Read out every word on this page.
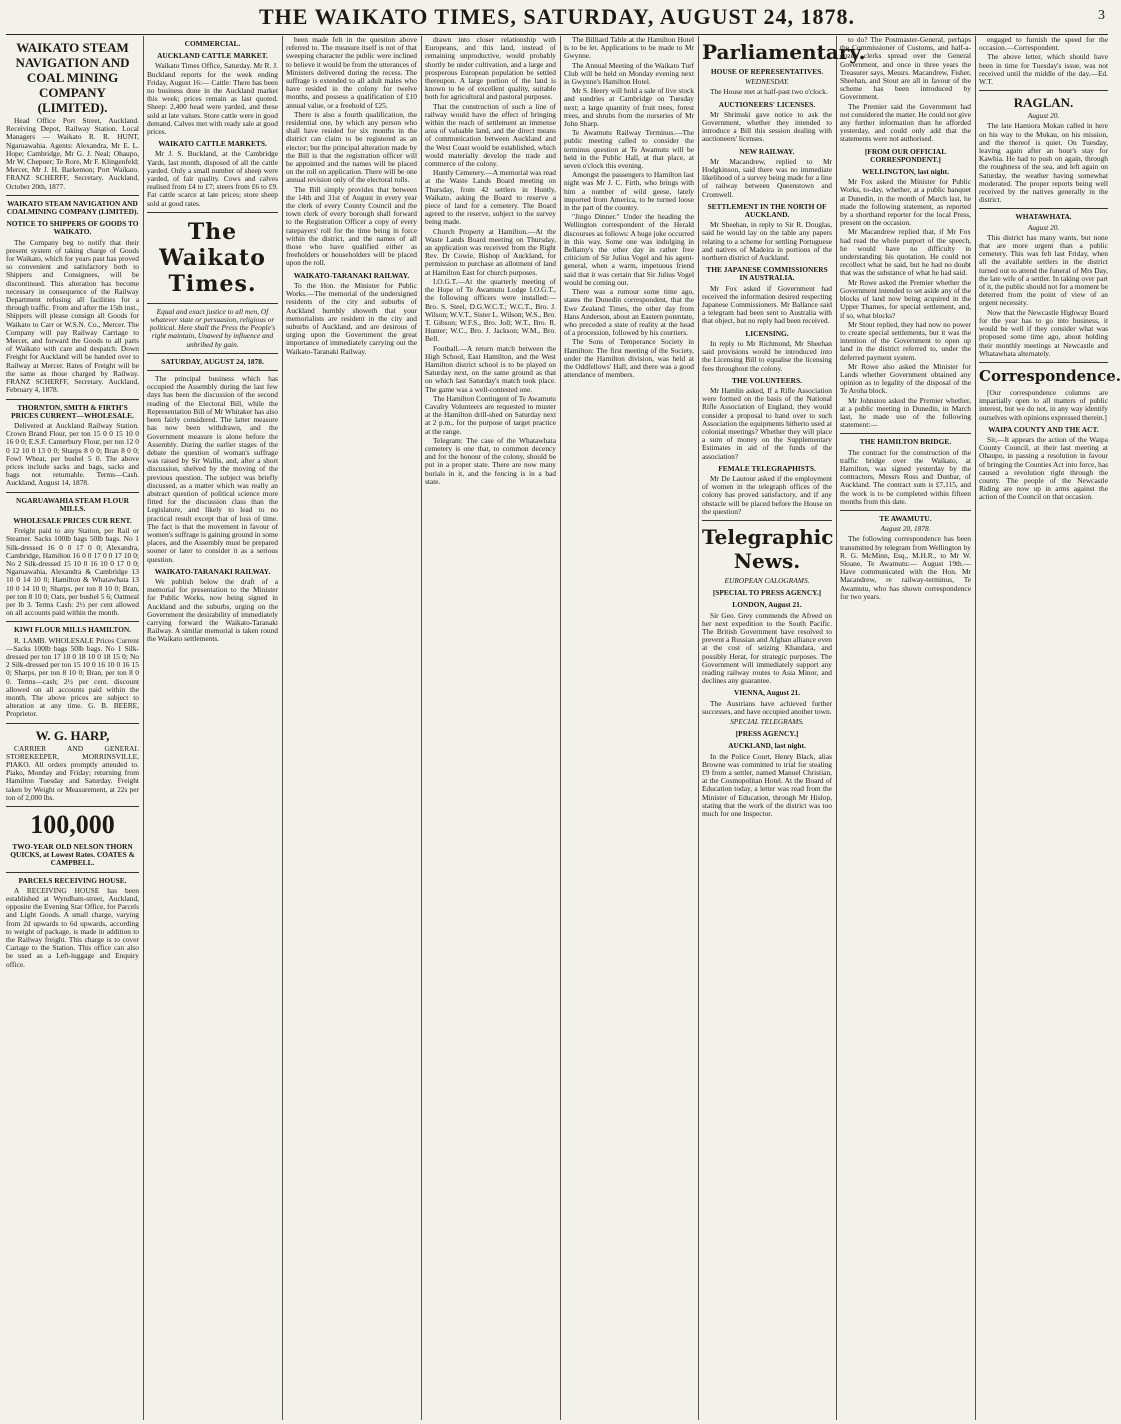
THE WAIKATO TIMES, SATURDAY, AUGUST 24, 1878.	3
WAIKATO STEAM NAVIGATION AND COAL MINING COMPANY (LIMITED).
Head Office Port Street, Auckland. Receiving Depot, Railway Station. Local Managers — Waikato R. R. HUNT, Ngaruawahia. Agents: Alexandra, Mr E. L. Hope; Cambridge, Mr G. J. Neal; Ohaupo, Mr W. Chepoer; Te Rore, Mr F. Klingenfeld; Mercer, Mr J. H. Barkemon; Port Waikato. FRANZ SCHERFF, Secretary. Auckland, October 20th, 1877.
WAIKATO STEAM NAVIGATION AND COALMINING COMPANY (LIMITED).
NOTICE TO SHIPPERS OF GOODS TO WAIKATO.
The Company beg to notify that their present system of taking charge of Goods for Waikato, which for years past has proved so convenient and satisfactory both to Shippers and Consignees, will be discontinued. This alteration has become necessary in consequence of the Railway Department refusing all facilities for a through traffic. From and after the 15th inst., Shippers will please consign all Goods for Waikato to Carr or W.S.N. Co., Mercer. The Company will pay Railway Carriage to Mercer, and forward the Goods to all parts of Waikato with care and despatch. Down Freight for Auckland will be handed over to Railway at Mercer. Rates of Freight will be the same as those charged by Railway. FRANZ SCHERFF, Secretary. Auckland, February 4, 1878.
THORNTON, SMITH & FIRTH'S PRICES CURRENT—WHOLESALE.
Delivered at Auckland Railway Station. Crown Brand Flour, per ton 15 0 0 15 10 0 16 0 0; E.S.F. Canterbury Flour, per ton 12 0 0 12 10 0 13 0 0; Sharps 8 0 0; Bran 8 0 0; Fowl Wheat, per bushel 5 0. The above prices include sacks and bags, sacks and bags not returnable. Terms—Cash. Auckland, August 14, 1878.
NGARUAWAHIA STEAM FLOUR MILLS.
WHOLESALE PRICES CUR RENT.
Freight paid to any Station, per Rail or Steamer. Sacks 100lb bags 50lb bags. No 1 Silk-dressed 16 0 0 17 0 0; Alexandra, Cambridge, Hamilton 16 0 0 17 0 0 17 10 0; No 2 Silk-dressed 15 10 0 16 10 0 17 0 0; Ngaruawahia, Alexandra & Cambridge 13 10 0 14 10 0; Hamilton & Whatawhata 13 10 0 14 10 0; Sharps, per ton 8 10 0; Bran, per ton 8 10 0; Oats, per bushel 5 6; Oatmeal per lb 3. Terms Cash: 2½ per cent allowed on all accounts paid within the month.
KIWI FLOUR MILLS HAMILTON.
R. LAMB. WHOLESALE Prices Current—Sacks 100lb bags 50lb bags. No 1 Silk-dressed per ton 17 10 0 18 10 0 18 15 0; No 2 Silk-dressed per ton 15 10 0 16 10 0 16 15 0; Sharps, per ton 8 10 0; Bran, per ton 8 0 0. Terms—cash; 2½ per cent. discount allowed on all accounts paid within the month. The above prices are subject to alteration at any time. G. B. BEERE, Proprietor.
W. G. HARP,
CARRIER AND GENERAL STOREKEEPER, MORRINSVILLE, PIAKO. All orders promptly attended to. Piako, Monday and Friday; returning from Hamilton Tuesday and Saturday. Freight taken by Weight or Measurement, at 22s per ton of 2,000 lbs.
100,000
TWO-YEAR OLD NELSON THORN QUICKS, at Lowest Rates. COATES & CAMPBELL.
PARCELS RECEIVING HOUSE.
A RECEIVING HOUSE has been established at Wyndham-street, Auckland, opposite the Evening Star Office, for Parcels and Light Goods. A small charge, varying from 2d upwards to 6d upwards, according to weight of package, is made in addition to the Railway freight. This charge is to cover Cartage to the Station. This office can also be used as a Left-luggage and Enquiry office.
COMMERCIAL.
AUCKLAND CATTLE MARKET.
Waikato Times Office, Saturday. Mr R. J. Buckland reports for the week ending Friday, August 16:— Cattle: There has been no business done in the Auckland market this week; prices remain as last quoted. Sheep: 2,400 head were yarded, and these sold at late values. Store cattle were in good demand. Calves met with ready sale at good prices.
WAIKATO CATTLE MARKETS.
Mr J. S. Buckland, at the Cambridge Yards, last month, disposed of all the cattle yarded. Only a small number of sheep were yarded, of fair quality. Cows and calves realised from £4 to £7; steers from £6 to £9. Fat cattle scarce at late prices; store sheep sold at good rates.
The Waikato Times.
Equal and exact justice to all men, Of whatever state or persuasion, religious or political. Here shall the Press the People's right maintain, Unawed by influence and unbribed by gain.
SATURDAY, AUGUST 24, 1878.
The principal business which has occupied the Assembly during the last few days has been the discussion of the second reading of the Electoral Bill, while the Representation Bill of Mr Whitaker has also been fairly considered. The latter measure has now been withdrawn, and the Government measure is alone before the Assembly. During the earlier stages of the debate the question of woman's suffrage was raised by Sir Wallis, and, after a short discussion, shelved by the moving of the previous question. The subject was briefly discussed, as a matter which was really an abstract question of political science more fitted for the discussion class than the Legislature, and likely to lead to no practical result except that of loss of time. The fact is that the movement in favour of women's suffrage is gaining ground in some places, and the Assembly must be prepared sooner or later to consider it as a serious question.
WAIKATO-TARANAKI RAILWAY.
We publish below the draft of a memorial for presentation to the Minister for Public Works, now being signed in Auckland and the suburbs, urging on the Government the desirability of immediately carrying forward the Waikato-Taranaki Railway. A similar memorial is taken round the Waikato settlements.
been made felt in the question above referred to. The measure itself is not of that sweeping character the public were inclined to believe it would be from the utterances of Ministers delivered during the recess. The suffrage is extended to all adult males who have resided in the colony for twelve months, and possess a qualification of £10 annual value, or a freehold of £25.
There is also a fourth qualification, the residential one, by which any person who shall have resided for six months in the district can claim to be registered as an elector; but the principal alteration made by the Bill is that the registration officer will be appointed and the names will be placed on the roll on application. There will be one annual revision only of the electoral rolls.
The Bill simply provides that between the 14th and 31st of August in every year the clerk of every County Council and the town clerk of every borough shall forward to the Registration Officer a copy of every ratepayers' roll for the time being in force within the district, and the names of all those who have qualified either as freeholders or householders will be placed upon the roll.
WAIKATO-TARANAKI RAILWAY.
To the Hon. the Minister for Public Works.—The memorial of the undersigned residents of the city and suburbs of Auckland humbly showeth that your memorialists are resident in the city and suburbs of Auckland, and are desirous of urging upon the Government the great importance of immediately carrying out the Waikato-Taranaki Railway.
drawn into closer relationship with Europeans, and this land, instead of remaining unproductive, would probably shortly be under cultivation, and a large and prosperous European population be settled thereupon. A large portion of the land is known to be of excellent quality, suitable both for agricultural and pastoral purposes.
That the construction of such a line of railway would have the effect of bringing within the reach of settlement an immense area of valuable land, and the direct means of communication between Auckland and the West Coast would be established, which would materially develop the trade and commerce of the colony.
Huntly Cemetery.—A memorial was read at the Waste Lands Board meeting on Thursday, from 42 settlers in Huntly, Waikato, asking the Board to reserve a piece of land for a cemetery. The Board agreed to the reserve, subject to the survey being made.
Church Property at Hamilton.—At the Waste Lands Board meeting on Thursday, an application was received from the Right Rev. Dr Cowie, Bishop of Auckland, for permission to purchase an allotment of land at Hamilton East for church purposes.
I.O.G.T.—At the quarterly meeting of the Hope of Te Awamutu Lodge I.O.G.T., the following officers were installed:— Bro. S. Steel, D.G.W.C.T.; W.C.T., Bro. J. Wilson; W.V.T., Sister L. Wilson; W.S., Bro. T. Gibson; W.F.S., Bro. Joll; W.T., Bro. R. Hunter; W.C., Bro. J. Jackson; W.M., Bro. Bell.
Football.—A return match between the High School, East Hamilton, and the West Hamilton district school is to be played on Saturday next, on the same ground as that on which last Saturday's match took place. The game was a well-contested one.
The Hamilton Contingent of Te Awamutu Cavalry Volunteers are requested to muster at the Hamilton drill-shed on Saturday next at 2 p.m., for the purpose of target practice at the range.
Telegram: The case of the Whatawhata cemetery is one that, to common decency and for the honour of the colony, should be put in a proper state. There are now many burials in it, and the fencing is in a bad state.
The Billiard Table at the Hamilton Hotel is to be let. Applications to be made to Mr Gwynne.
The Annual Meeting of the Waikato Turf Club will be held on Monday evening next in Gwynne's Hamilton Hotel.
Mr S. Heery will hold a sale of live stock and sundries at Cambridge on Tuesday next; a large quantity of fruit trees, forest trees, and shrubs from the nurseries of Mr John Sharp.
Te Awamutu Railway Terminus.—The public meeting called to consider the terminus question at Te Awamutu will be held in the Public Hall, at that place, at seven o'clock this evening.
Amongst the passengers to Hamilton last night was Mr J. C. Firth, who brings with him a number of wild geese, lately imported from America, to be turned loose in the part of the country.
"Jingo Dinner." Under the heading the Wellington correspondent of the Herald discourses as follows: A huge joke occurred in this way. Some one was indulging in Bellamy's the other day in rather free criticism of Sir Julius Vogel and his agent-general, when a warm, impetuous friend said that it was certain that Sir Julius Vogel would be coming out.
There was a rumour some time ago, states the Dunedin correspondent, that the Ewe Zealand Times, the other day from Hans Anderson, about an Eastern potentate, who preceded a state of reality at the head of a procession, followed by his courtiers.
The Sons of Temperance Society in Hamilton: The first meeting of the Society, under the Hamilton division, was held at the Oddfellows' Hall, and there was a good attendance of members.
Parliamentary.
HOUSE OF REPRESENTATIVES.
WEDNESDAY.
The House met at half-past two o'clock.
AUCTIONEERS' LICENSES.
Mr Shrimski gave notice to ask the Government, whether they intended to introduce a Bill this session dealing with auctioneers' licenses.
NEW RAILWAY.
Mr Macandrew, replied to Mr Hodgkinson, said there was no immediate likelihood of a survey being made for a line of railway between Queenstown and Cromwell.
SETTLEMENT IN THE NORTH OF AUCKLAND.
Mr Sheehan, in reply to Sir R. Douglas, said he would lay on the table any papers relating to a scheme for settling Portuguese and natives of Madeira in portions of the northern district of Auckland.
THE JAPANESE COMMISSIONERS IN AUSTRALIA.
Mr Fox asked if Government had received the information desired respecting Japanese Commissioners. Mr Ballance said a telegram had been sent to Australia with that object, but no reply had been received.
LICENSING.
In reply to Mr Richmond, Mr Sheehan said provisions would be introduced into the Licensing Bill to equalise the licensing fees throughout the colony.
THE VOLUNTEERS.
Mr Hamlin asked, If a Rifle Association were formed on the basis of the National Rifle Association of England, they would consider a proposal to hand over to such Association the equipments hitherto used at colonial meetings? Whether they will place a sum of money on the Supplementary Estimates in aid of the funds of the association?
FEMALE TELEGRAPHISTS.
Mr De Lautour asked if the employment of women in the telegraph offices of the colony has proved satisfactory, and if any obstacle will be placed before the House on the question?
Telegraphic News.
EUROPEAN CALOGRAMS.
[SPECIAL TO PRESS AGENCY.]
LONDON, August 21.
Sir Geo. Grey commends the Afreed on her next expedition to the South Pacific. The British Government have resolved to prevent a Russian and Afghan alliance even at the cost of seizing Khandara, and possibly Herat, for strategic purposes. The Government will immediately support any reading railway routes to Asia Minor, and declines any guarantee.
VIENNA, August 21.
The Austrians have achieved further successes, and have occupied another town.
SPECIAL TELEGRAMS.
[PRESS AGENCY.]
AUCKLAND, last night.
In the Police Court, Henry Black, alias Browne was committed to trial for stealing £9 from a settler, named Manuel Christian, at the Cosmopolitan Hotel. At the Board of Education today, a letter was read from the Minister of Education, through Mr Hislop, stating that the work of the district was too much for one Inspector.
to do? The Postmaster-General, perhaps the Commissioner of Customs, and half-a-dozen clerks spread over the General Government, and once in three years the Treasurer says, Messrs. Macandrew, Fisher, Sheehan, and Stout are all in favour of the scheme has been introduced by Government.
The Premier said the Government had not considered the matter. He could not give any further information than he afforded yesterday, and could only add that the statements were not authorised.
[FROM OUR OFFICIAL CORRESPONDENT.]
WELLINGTON, last night.
Mr Fox asked the Minister for Public Works, to-day, whether, at a public banquet at Dunedin, in the month of March last, he made the following statement, as reported by a shorthand reporter for the local Press, present on the occasion.
Mr Macandrew replied that, if Mr Fox had read the whole purport of the speech, he would have no difficulty in understanding his quotation. He could not recollect what he said, but he had no doubt that was the substance of what he had said.
Mr Rowe asked the Premier whether the Government intended to set aside any of the blocks of land now being acquired in the Upper Thames, for special settlement, and, if so, what blocks?
Mr Stout replied, they had now no power to create special settlements, but it was the intention of the Government to open up land in the district referred to, under the deferred payment system.
Mr Rowe also asked the Minister for Lands whether Government obtained any opinion as to legality of the disposal of the Te Aroha block.
Mr Johnston asked the Premier whether, at a public meeting in Dunedin, in March last, he made use of the following statement:—
THE HAMILTON BRIDGE.
The contract for the construction of the traffic bridge over the Waikato, at Hamilton, was signed yesterday by the contractors, Messrs Ross and Dunbar, of Auckland. The contract sum is £7,115, and the work is to be completed within fifteen months from this date.
TE AWAMUTU.
August 20, 1878.
The following correspondence has been transmitted by telegram from Wellington by R. G. McMinn, Esq., M.H.R., to Mr W. Sloane, Te Awamutu:— August 19th.—Have communicated with the Hon. Mr Macandrew, re railway-terminus, Te Awamutu, who has shown correspondence for two years.
engaged to furnish the speed for the occasion.—Correspondent.
The above letter, which should have been in time for Tuesday's issue, was not received until the middle of the day.—Ed. W.T.
RAGLAN.
August 20.
The late Hamiora Mokan called in here on his way to the Mokau, on his mission, and the thereof is quiet. On Tuesday, leaving again after an hour's stay for Kawhia. He had to push on again, through the roughness of the sea, and left again on Saturday, the weather having somewhat moderated. The proper reports being well received by the natives generally in the district.
WHATAWHATA.
August 20.
This district has many wants, but none that are more urgent than a public cemetery. This was felt last Friday, when all the available settlers in the district turned out to attend the funeral of Mrs Day, the late wife of a settler. In taking over part of it, the public should not for a moment be deterred from the point of view of an urgent necessity.
Now that the Newcastle Highway Board for the year has to go into business, it would be well if they consider what was proposed some time ago, about holding their monthly meetings at Newcastle and Whatawhata alternately.
Correspondence.
[Our correspondence columns are impartially open to all matters of public interest, but we do not, in any way identify ourselves with opinions expressed therein.]
WAIPA COUNTY AND THE ACT.
Sir,—It appears the action of the Waipa County Council, at their last meeting at Ohaupo, in passing a resolution in favour of bringing the Counties Act into force, has caused a revolution right through the county. The people of the Newcastle Riding are now up in arms against the action of the Council on that occasion.
